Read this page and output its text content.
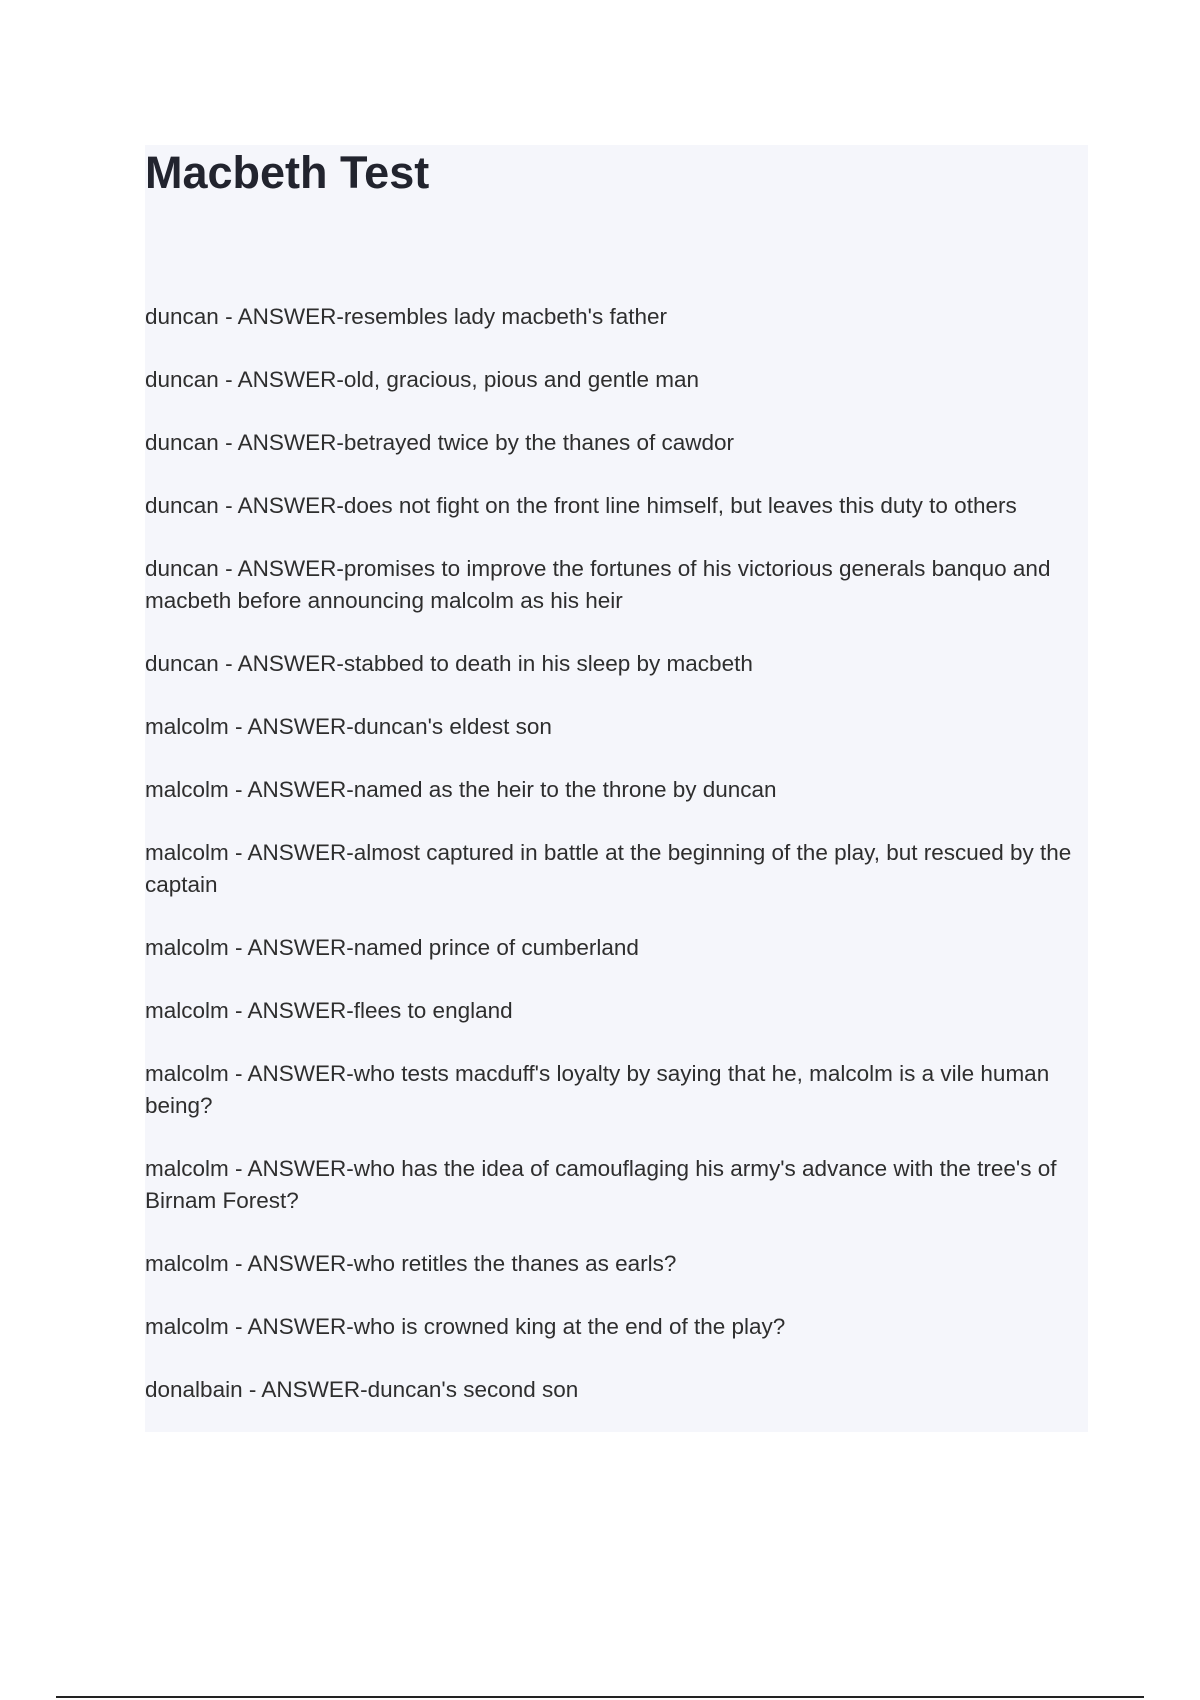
Macbeth Test
duncan - ANSWER-resembles lady macbeth's father
duncan - ANSWER-old, gracious, pious and gentle man
duncan - ANSWER-betrayed twice by the thanes of cawdor
duncan - ANSWER-does not fight on the front line himself, but leaves this duty to others
duncan - ANSWER-promises to improve the fortunes of his victorious generals banquo and macbeth before announcing malcolm as his heir
duncan - ANSWER-stabbed to death in his sleep by macbeth
malcolm - ANSWER-duncan's eldest son
malcolm - ANSWER-named as the heir to the throne by duncan
malcolm - ANSWER-almost captured in battle at the beginning of the play, but rescued by the captain
malcolm - ANSWER-named prince of cumberland
malcolm - ANSWER-flees to england
malcolm - ANSWER-who tests macduff's loyalty by saying that he, malcolm is a vile human being?
malcolm - ANSWER-who has the idea of camouflaging his army's advance with the tree's of Birnam Forest?
malcolm - ANSWER-who retitles the thanes as earls?
malcolm - ANSWER-who is crowned king at the end of the play?
donalbain - ANSWER-duncan's second son
